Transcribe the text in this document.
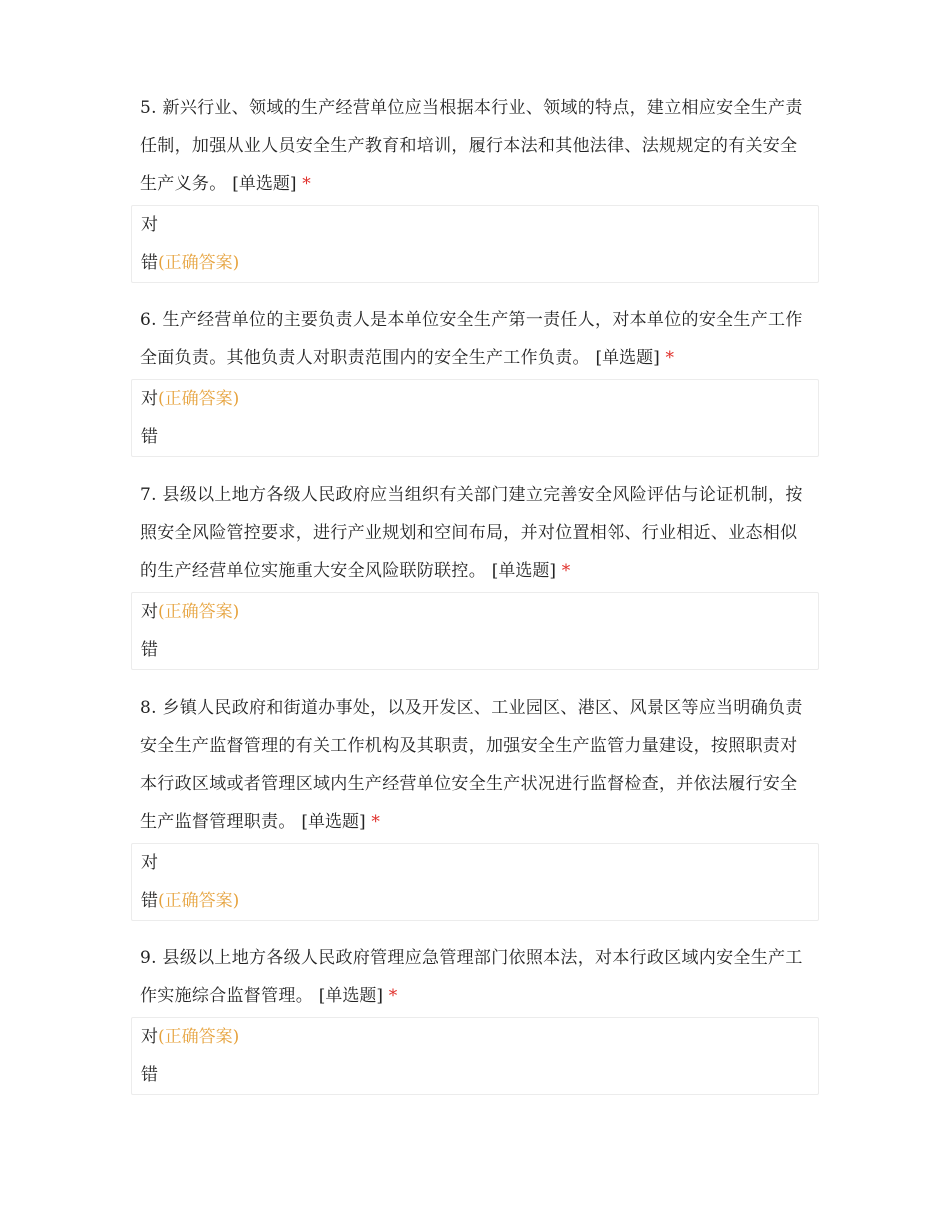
5. 新兴行业、领域的生产经营单位应当根据本行业、领域的特点，建立相应安全生产责任制，加强从业人员安全生产教育和培训，履行本法和其他法律、法规规定的有关安全生产义务。 [单选题] *

对
错(正确答案)

6. 生产经营单位的主要负责人是本单位安全生产第一责任人，对本单位的安全生产工作全面负责。其他负责人对职责范围内的安全生产工作负责。 [单选题] *

对(正确答案)
错

7. 县级以上地方各级人民政府应当组织有关部门建立完善安全风险评估与论证机制，按照安全风险管控要求，进行产业规划和空间布局，并对位置相邻、行业相近、业态相似的生产经营单位实施重大安全风险联防联控。 [单选题] *

对(正确答案)
错

8. 乡镇人民政府和街道办事处，以及开发区、工业园区、港区、风景区等应当明确负责安全生产监督管理的有关工作机构及其职责，加强安全生产监管力量建设，按照职责对本行政区域或者管理区域内生产经营单位安全生产状况进行监督检查，并依法履行安全生产监督管理职责。 [单选题] *

对
错(正确答案)

9. 县级以上地方各级人民政府管理应急管理部门依照本法，对本行政区域内安全生产工作实施综合监督管理。 [单选题] *

对(正确答案)
错
